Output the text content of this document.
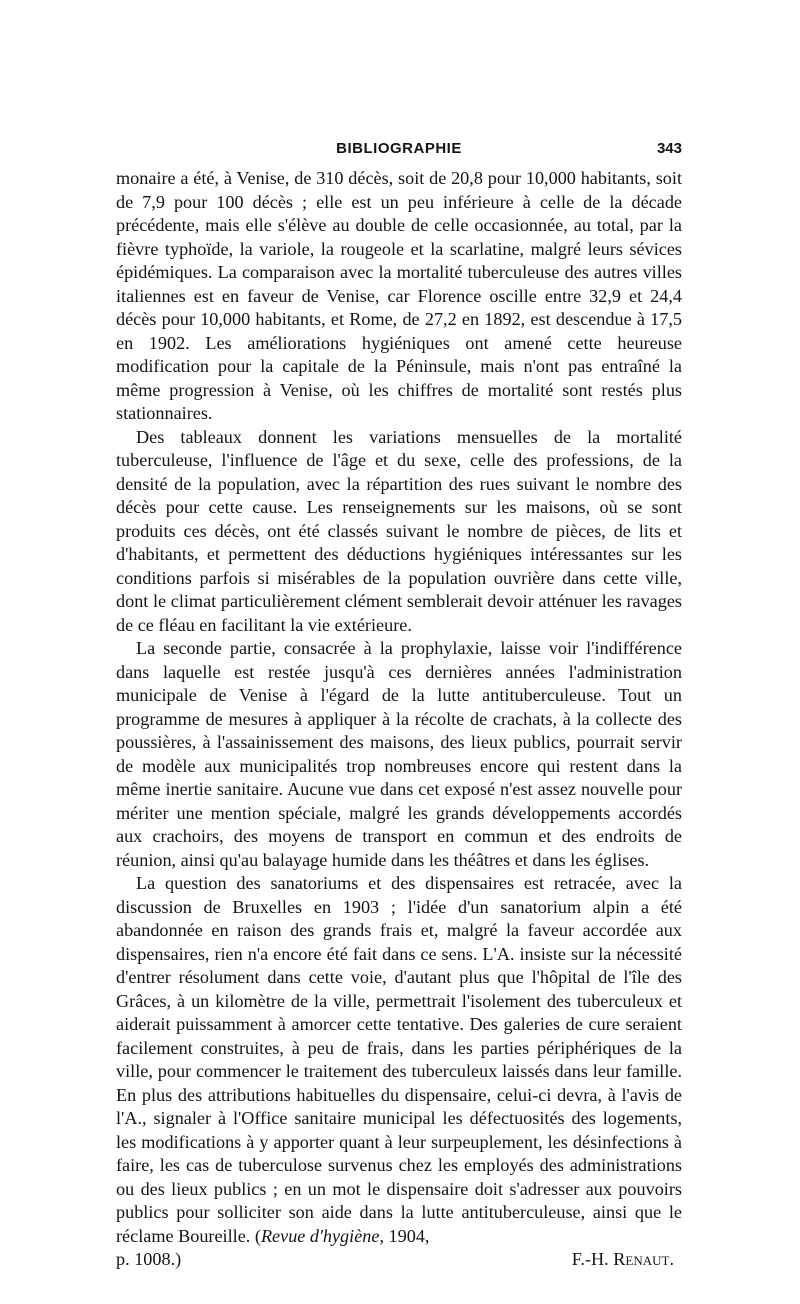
BIBLIOGRAPHIE	343

monaire a été, à Venise, de 310 décès, soit de 20,8 pour 10,000 habitants, soit de 7,9 pour 100 décès ; elle est un peu inférieure à celle de la décade précédente, mais elle s'élève au double de celle occasionnée, au total, par la fièvre typhoïde, la variole, la rougeole et la scarlatine, malgré leurs sévices épidémiques. La comparaison avec la mortalité tuberculeuse des autres villes italiennes est en faveur de Venise, car Florence oscille entre 32,9 et 24,4 décès pour 10,000 habitants, et Rome, de 27,2 en 1892, est descendue à 17,5 en 1902. Les améliorations hygiéniques ont amené cette heureuse modification pour la capitale de la Péninsule, mais n'ont pas entraîné la même progression à Venise, où les chiffres de mortalité sont restés plus stationnaires.

Des tableaux donnent les variations mensuelles de la mortalité tuberculeuse, l'influence de l'âge et du sexe, celle des professions, de la densité de la population, avec la répartition des rues suivant le nombre des décès pour cette cause. Les renseignements sur les maisons, où se sont produits ces décès, ont été classés suivant le nombre de pièces, de lits et d'habitants, et permettent des déductions hygiéniques intéressantes sur les conditions parfois si misérables de la population ouvrière dans cette ville, dont le climat particulièrement clément semblerait devoir atténuer les ravages de ce fléau en facilitant la vie extérieure.

La seconde partie, consacrée à la prophylaxie, laisse voir l'indifférence dans laquelle est restée jusqu'à ces dernières années l'administration municipale de Venise à l'égard de la lutte antituberculeuse. Tout un programme de mesures à appliquer à la récolte de crachats, à la collecte des poussières, à l'assainissement des maisons, des lieux publics, pourrait servir de modèle aux municipalités trop nombreuses encore qui restent dans la même inertie sanitaire. Aucune vue dans cet exposé n'est assez nouvelle pour mériter une mention spéciale, malgré les grands développements accordés aux crachoirs, des moyens de transport en commun et des endroits de réunion, ainsi qu'au balayage humide dans les théâtres et dans les églises.

La question des sanatoriums et des dispensaires est retracée, avec la discussion de Bruxelles en 1903 ; l'idée d'un sanatorium alpin a été abandonnée en raison des grands frais et, malgré la faveur accordée aux dispensaires, rien n'a encore été fait dans ce sens. L'A. insiste sur la nécessité d'entrer résolument dans cette voie, d'autant plus que l'hôpital de l'île des Grâces, à un kilomètre de la ville, permettrait l'isolement des tuberculeux et aiderait puissamment à amorcer cette tentative. Des galeries de cure seraient facilement construites, à peu de frais, dans les parties périphériques de la ville, pour commencer le traitement des tuberculeux laissés dans leur famille. En plus des attributions habituelles du dispensaire, celui-ci devra, à l'avis de l'A., signaler à l'Office sanitaire municipal les défectuosités des logements, les modifications à y apporter quant à leur surpeuplement, les désinfections à faire, les cas de tuberculose survenus chez les employés des administrations ou des lieux publics ; en un mot le dispensaire doit s'adresser aux pouvoirs publics pour solliciter son aide dans la lutte antituberculeuse, ainsi que le réclame Boureille. (Revue d'hygiène, 1904,

p. 1008.)	F.-H. Renaut.
